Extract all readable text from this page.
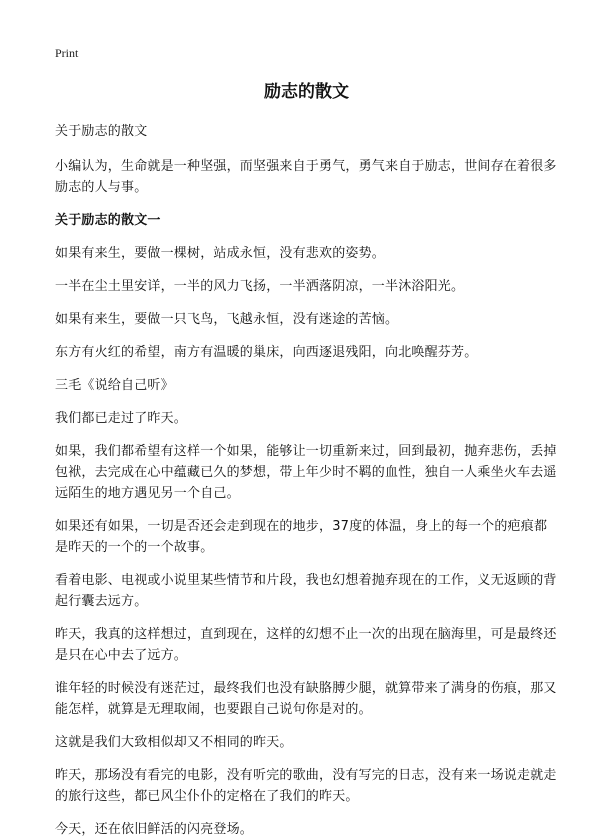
Print
励志的散文
关于励志的散文
小编认为，生命就是一种坚强，而坚强来自于勇气，勇气来自于励志，世间存在着很多励志的人与事。
关于励志的散文一
如果有来生，要做一棵树，站成永恒，没有悲欢的姿势。
一半在尘土里安详，一半的风力飞扬，一半洒落阴凉，一半沐浴阳光。
如果有来生，要做一只飞鸟，飞越永恒，没有迷途的苦恼。
东方有火红的希望，南方有温暖的巢床，向西逐退残阳，向北唤醒芬芳。
三毛《说给自己听》
我们都已走过了昨天。
如果，我们都希望有这样一个如果，能够让一切重新来过，回到最初，抛弃悲伤，丢掉包袱，去完成在心中蕴藏已久的梦想，带上年少时不羁的血性，独自一人乘坐火车去遥远陌生的地方遇见另一个自己。
如果还有如果，一切是否还会走到现在的地步，37度的体温，身上的每一个的疤痕都是昨天的一个的一个故事。
看着电影、电视或小说里某些情节和片段，我也幻想着抛弃现在的工作，义无返顾的背起行囊去远方。
昨天，我真的这样想过，直到现在，这样的幻想不止一次的出现在脑海里，可是最终还是只在心中去了远方。
谁年轻的时候没有迷茫过，最终我们也没有缺胳膊少腿，就算带来了满身的伤痕，那又能怎样，就算是无理取闹，也要跟自己说句你是对的。
这就是我们大致相似却又不相同的昨天。
昨天，那场没有看完的电影，没有听完的歌曲，没有写完的日志，没有来一场说走就走的旅行这些，都已风尘仆仆的定格在了我们的昨天。
今天，还在依旧鲜活的闪亮登场。
